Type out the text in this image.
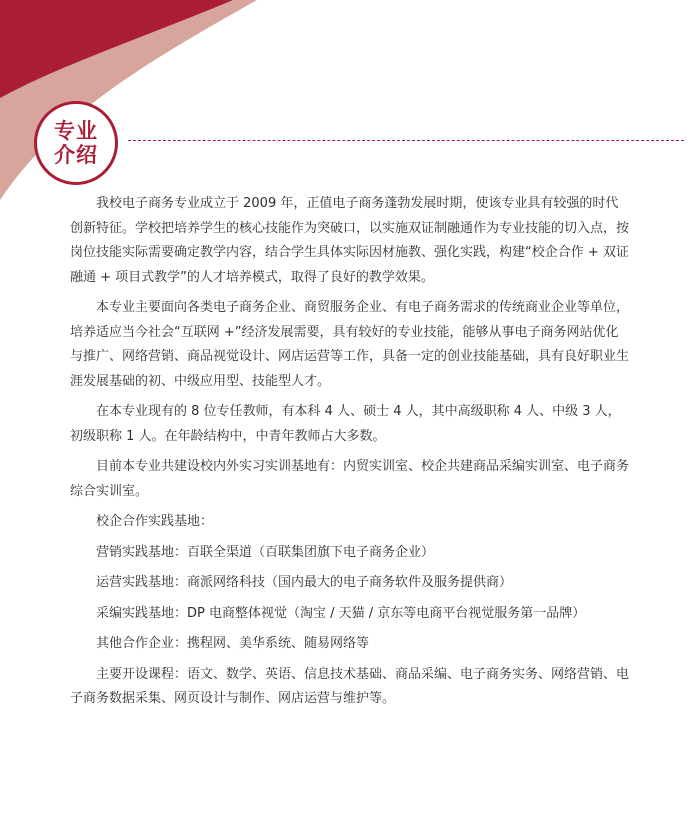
专业
介绍

我校电子商务专业成立于 2009 年，正值电子商务蓬勃发展时期，使该专业具有较强的时代创新特征。学校把培养学生的核心技能作为突破口，以实施双证制融通作为专业技能的切入点，按岗位技能实际需要确定教学内容，结合学生具体实际因材施教、强化实践，构建“校企合作 + 双证融通 + 项目式教学”的人才培养模式，取得了良好的教学效果。

本专业主要面向各类电子商务企业、商贸服务企业、有电子商务需求的传统商业企业等单位，培养适应当今社会“互联网 +”经济发展需要，具有较好的专业技能，能够从事电子商务网站优化与推广、网络营销、商品视觉设计、网店运营等工作，具备一定的创业技能基础，具有良好职业生涯发展基础的初、中级应用型、技能型人才。

在本专业现有的 8 位专任教师，有本科 4 人、硕士 4 人，其中高级职称 4 人、中级 3 人，初级职称 1 人。在年龄结构中，中青年教师占大多数。

目前本专业共建设校内外实习实训基地有：内贸实训室、校企共建商品采编实训室、电子商务综合实训室。

校企合作实践基地：

营销实践基地：百联全渠道（百联集团旗下电子商务企业）

运营实践基地：商派网络科技（国内最大的电子商务软件及服务提供商）

采编实践基地：DP 电商整体视觉（淘宝 / 天猫 / 京东等电商平台视觉服务第一品牌）

其他合作企业：携程网、美华系统、随易网络等

主要开设课程：语文、数学、英语、信息技术基础、商品采编、电子商务实务、网络营销、电子商务数据采集、网页设计与制作、网店运营与维护等。
